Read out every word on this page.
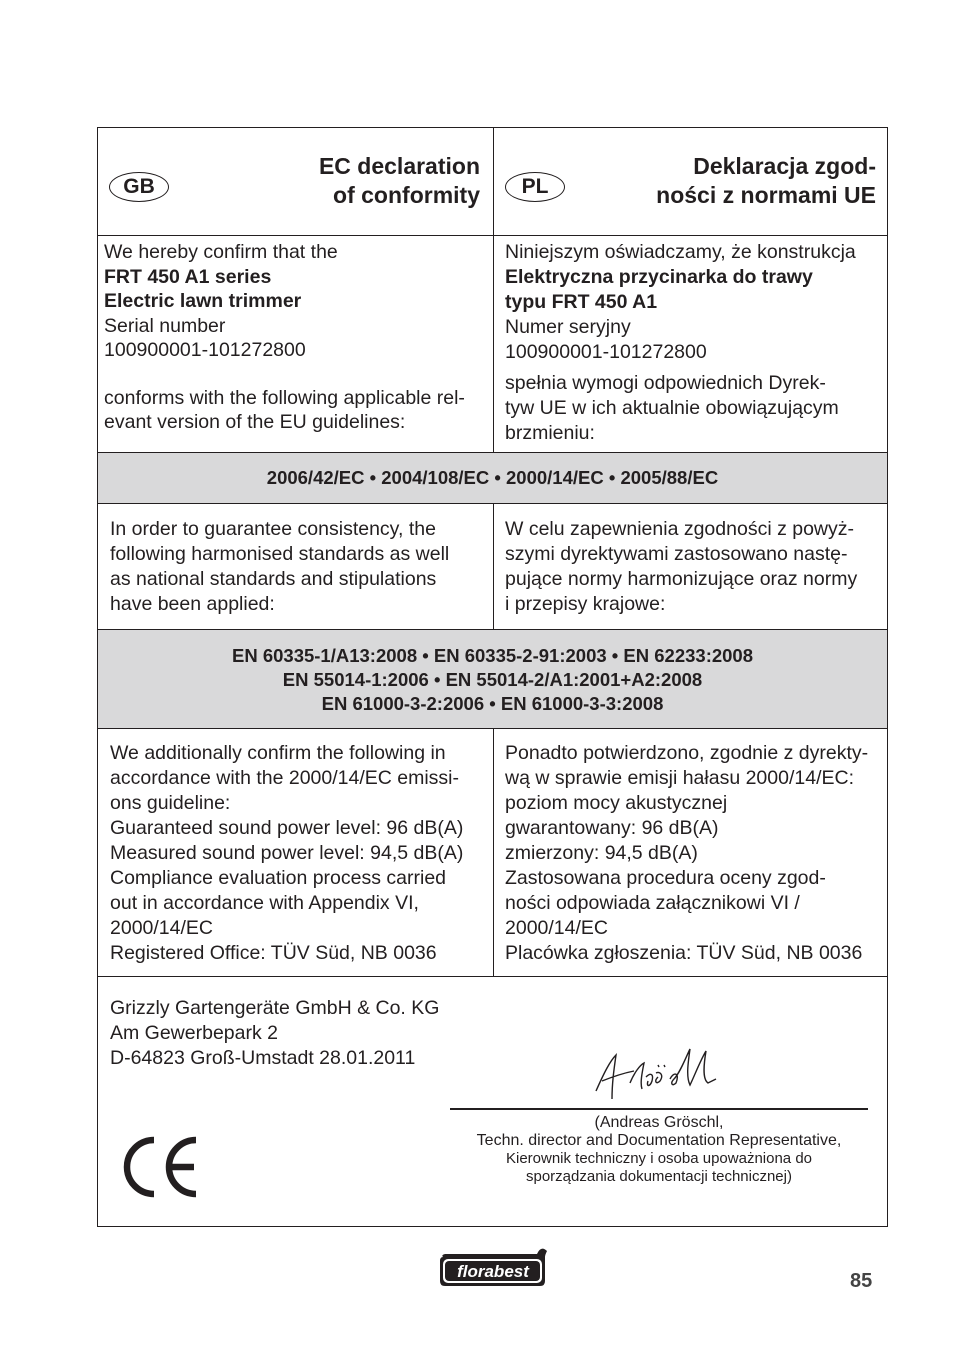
GB
EC declaration
of conformity	PL
Deklaracja zgod-
ności z normami UE
We hereby confirm that the
FRT 450 A1 series
Electric lawn trimmer
Serial number
100900001-101272800
conforms with the following applicable rel-
evant version of the EU guidelines:
Niniejszym oświadczamy, że konstrukcja
Elektryczna przycinarka do trawy
typu FRT 450 A1
Numer seryjny
100900001-101272800
spełnia wymogi odpowiednich Dyrek-
tyw UE w ich aktualnie obowiązującym
brzmieniu:
2006/42/EC • 2004/108/EC • 2000/14/EC • 2005/88/EC
In order to guarantee consistency, the
following harmonised standards as well
as national standards and stipulations
have been applied:
W celu zapewnienia zgodności z powyż-
szymi dyrektywami zastosowano nastę-
pujące normy harmonizujące oraz normy
i przepisy krajowe:
EN 60335-1/A13:2008 • EN 60335-2-91:2003 • EN 62233:2008
EN 55014-1:2006 • EN 55014-2/A1:2001+A2:2008
EN 61000-3-2:2006 • EN 61000-3-3:2008
We additionally confirm the following in
accordance with the 2000/14/EC emissi-
ons guideline:
Guaranteed sound power level: 96 dB(A)
Measured sound power level: 94,5 dB(A)
Compliance evaluation process carried
out in accordance with Appendix VI,
2000/14/EC
Registered Office: TÜV Süd, NB 0036
Ponadto potwierdzono, zgodnie z dyrekty-
wą w sprawie emisji hałasu 2000/14/EC:
poziom mocy akustycznej
gwarantowany: 96 dB(A)
zmierzony: 94,5 dB(A)
Zastosowana procedura oceny zgod-
ności odpowiada załącznikowi VI /
2000/14/EC
Placówka zgłoszenia: TÜV Süd, NB 0036
Grizzly Gartengeräte GmbH & Co. KG
Am Gewerbepark 2
D-64823 Groß-Umstadt 28.01.2011
(Andreas Gröschl,
Techn. director and Documentation Representative,
Kierownik techniczny i osoba upoważniona do
sporządzania dokumentacji technicznej)
florabest	85
